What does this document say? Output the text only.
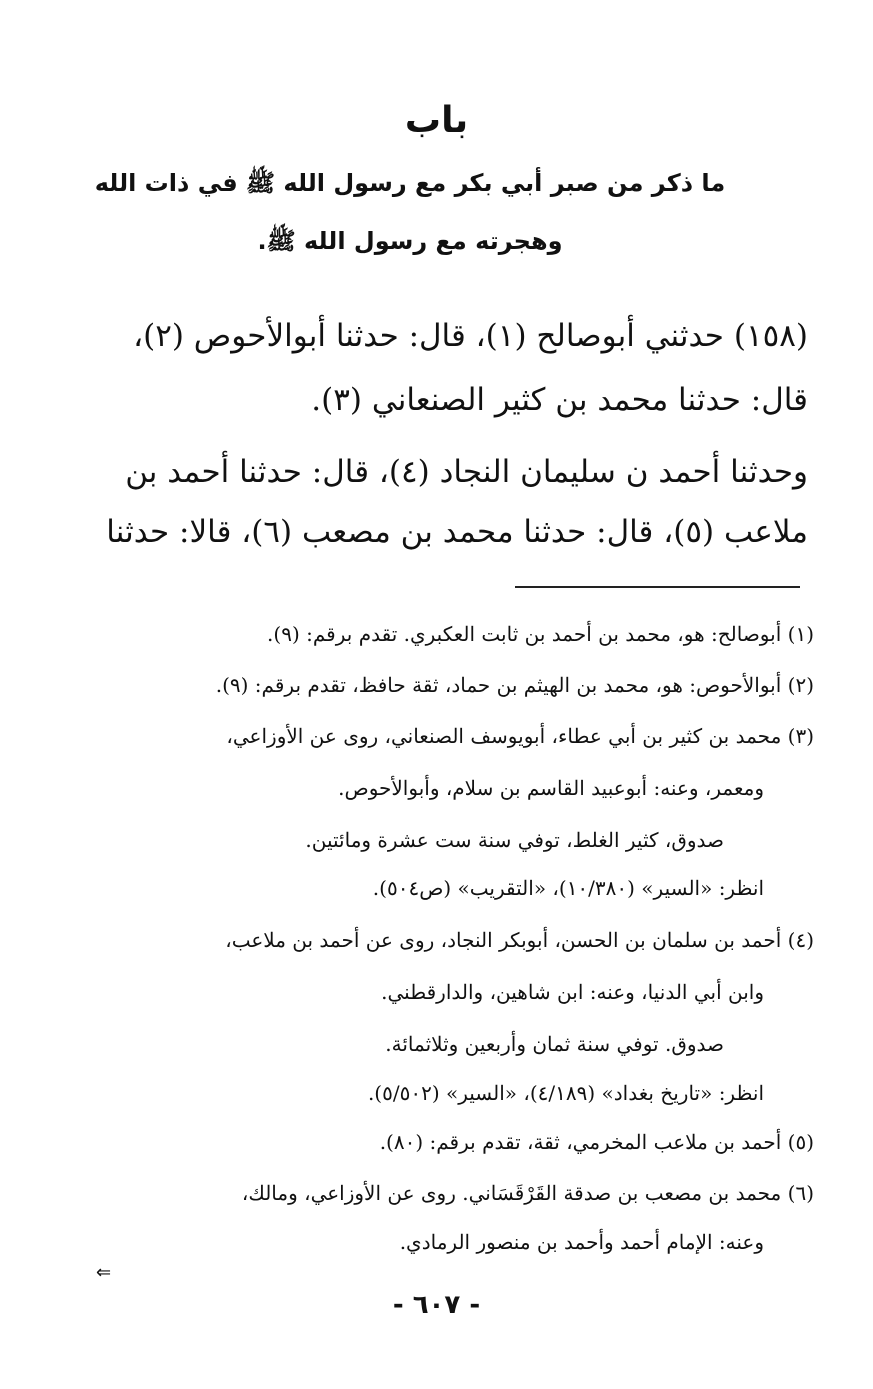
باب
ما ذكر من صبر أبي بكر مع رسول الله ﷺ في ذات الله
وهجرته مع رسول الله ﷺ.
(١٥٨) حدثني أبوصالح (١)، قال: حدثنا أبوالأحوص (٢)،
قال: حدثنا محمد بن كثير الصنعاني (٣).
وحدثنا أحمد ن سليمان النجاد (٤)، قال: حدثنا أحمد بن
ملاعب (٥)، قال: حدثنا محمد بن مصعب (٦)، قالا: حدثنا
(١) أبوصالح: هو، محمد بن أحمد بن ثابت العكبري. تقدم برقم: (٩).
(٢) أبوالأحوص: هو، محمد بن الهيثم بن حماد، ثقة حافظ، تقدم برقم: (٩).
(٣) محمد بن كثير بن أبي عطاء، أبويوسف الصنعاني، روى عن الأوزاعي،
ومعمر، وعنه: أبوعبيد القاسم بن سلام، وأبوالأحوص.
صدوق، كثير الغلط، توفي سنة ست عشرة ومائتين.
انظر: «السير» (١٠/٣٨٠)، «التقريب» (ص٥٠٤).
(٤) أحمد بن سلمان بن الحسن، أبوبكر النجاد، روى عن أحمد بن ملاعب،
وابن أبي الدنيا، وعنه: ابن شاهين، والدارقطني.
صدوق. توفي سنة ثمان وأربعين وثلاثمائة.
انظر: «تاريخ بغداد» (٤/١٨٩)، «السير» (٥/٥٠٢).
(٥) أحمد بن ملاعب المخرمي، ثقة، تقدم برقم: (٨٠).
(٦) محمد بن مصعب بن صدقة القَرْقَسَاني. روى عن الأوزاعي، ومالك،
وعنه: الإمام أحمد وأحمد بن منصور الرمادي.
⇐
- ٦٠٧ -
